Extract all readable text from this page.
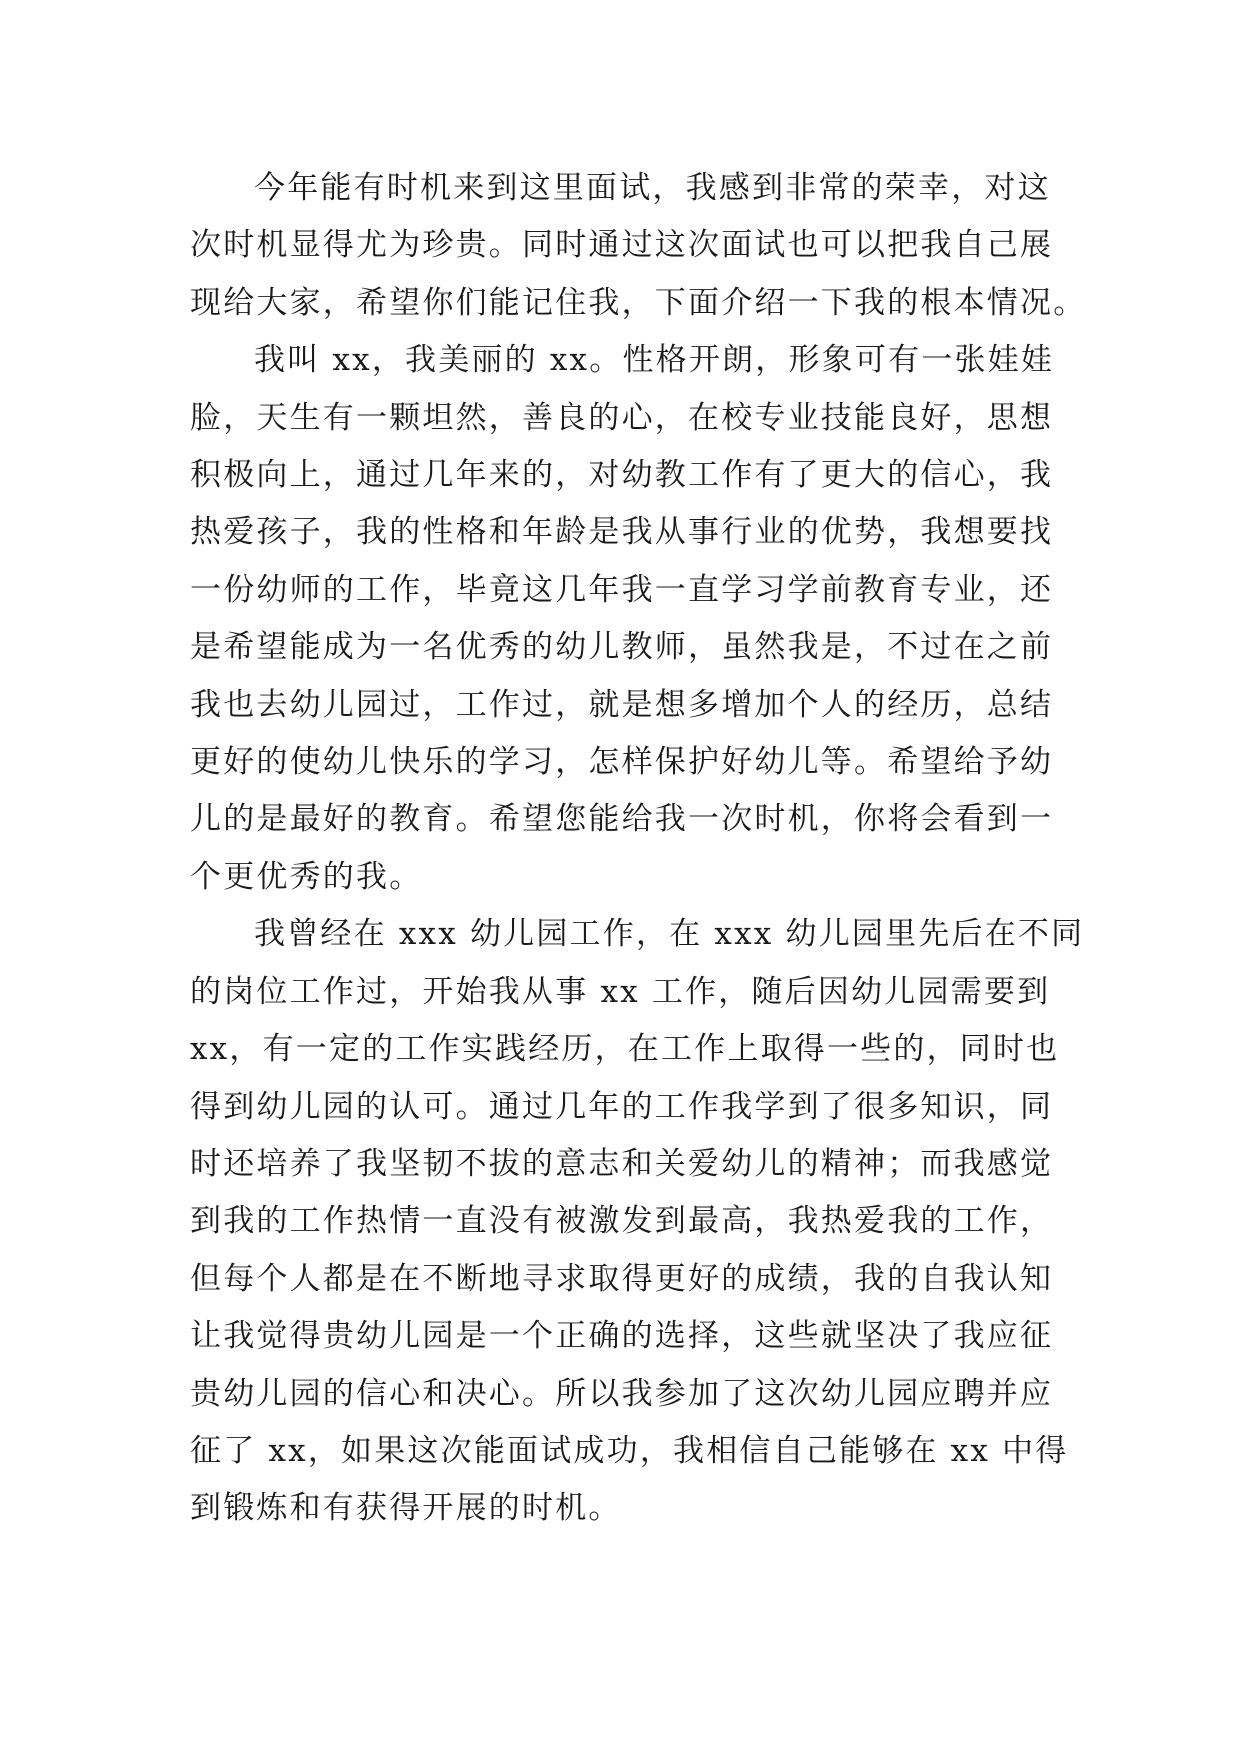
今年能有时机来到这里面试，我感到非常的荣幸，对这
次时机显得尤为珍贵。同时通过这次面试也可以把我自己展
现给大家，希望你们能记住我，下面介绍一下我的根本情况。
我叫 xx，我美丽的 xx。性格开朗，形象可有一张娃娃
脸，天生有一颗坦然，善良的心，在校专业技能良好，思想
积极向上，通过几年来的，对幼教工作有了更大的信心，我
热爱孩子，我的性格和年龄是我从事行业的优势，我想要找
一份幼师的工作，毕竟这几年我一直学习学前教育专业，还
是希望能成为一名优秀的幼儿教师，虽然我是，不过在之前
我也去幼儿园过，工作过，就是想多增加个人的经历，总结
更好的使幼儿快乐的学习，怎样保护好幼儿等。希望给予幼
儿的是最好的教育。希望您能给我一次时机，你将会看到一
个更优秀的我。
我曾经在 xxx 幼儿园工作，在 xxx 幼儿园里先后在不同
的岗位工作过，开始我从事 xx 工作，随后因幼儿园需要到
xx，有一定的工作实践经历，在工作上取得一些的，同时也
得到幼儿园的认可。通过几年的工作我学到了很多知识，同
时还培养了我坚韧不拔的意志和关爱幼儿的精神；而我感觉
到我的工作热情一直没有被激发到最高，我热爱我的工作，
但每个人都是在不断地寻求取得更好的成绩，我的自我认知
让我觉得贵幼儿园是一个正确的选择，这些就坚决了我应征
贵幼儿园的信心和决心。所以我参加了这次幼儿园应聘并应
征了 xx，如果这次能面试成功，我相信自己能够在 xx 中得
到锻炼和有获得开展的时机。
